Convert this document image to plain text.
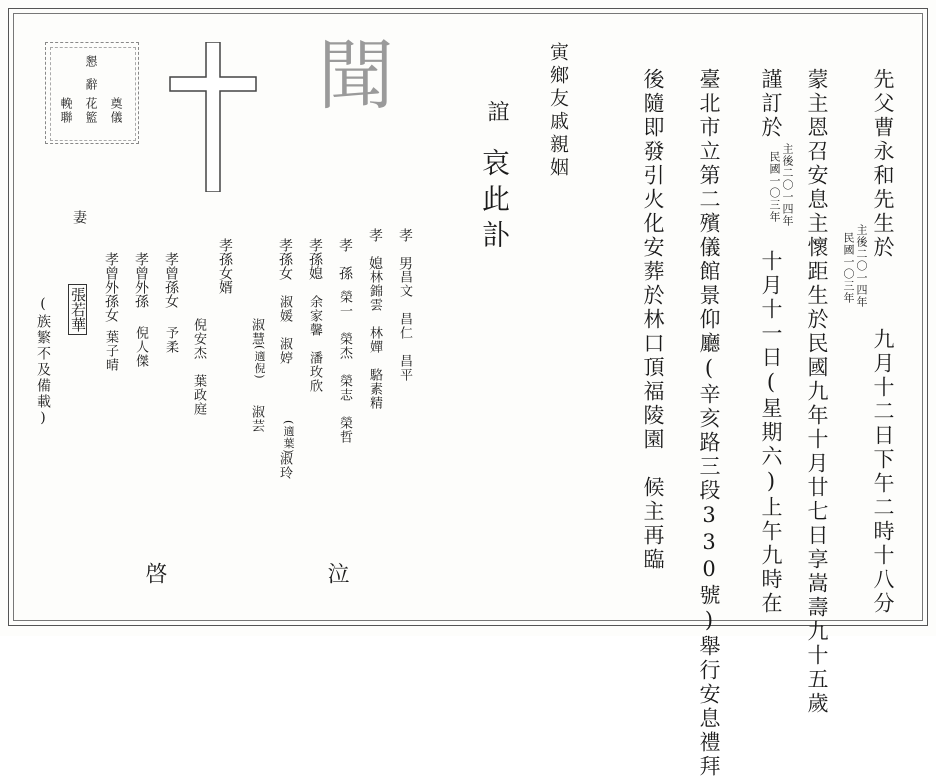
先父曹永和先生於
主後二〇一四年
民國一〇三年
九月十二日下午二時十八分
蒙主恩召安息主懷距生於民國九年十月廿七日享嵩壽九十五歲
謹訂於
主後二〇一四年
民國一〇三年
十月十一日(星期六)上午九時在
臺北市立第二殯儀館景仰廳(辛亥路三段330號)舉行安息禮拜
後隨即發引火化安葬於林口頂福陵園　候主再臨
寅鄉友戚親姻
誼
哀此訃
聞
懇
辭
奠儀
花籃
輓聯
孝　男
昌文　昌仁　昌平
孝　媳
林錦雲　林嬋　駱素精
孝　孫
榮一　榮杰　榮志　榮哲
孝孫媳
余家馨　潘玫欣
孝孫女
淑媛　淑婷
(適葉)
淑玲
淑慧
(適倪)
淑芸
孝孫女婿
倪安杰　葉政庭
孝曾孫女
予柔
孝曾外孫
倪人傑
孝曾外孫女
葉子晴
妻
張若華
(族繁不及備載)
泣
啓
